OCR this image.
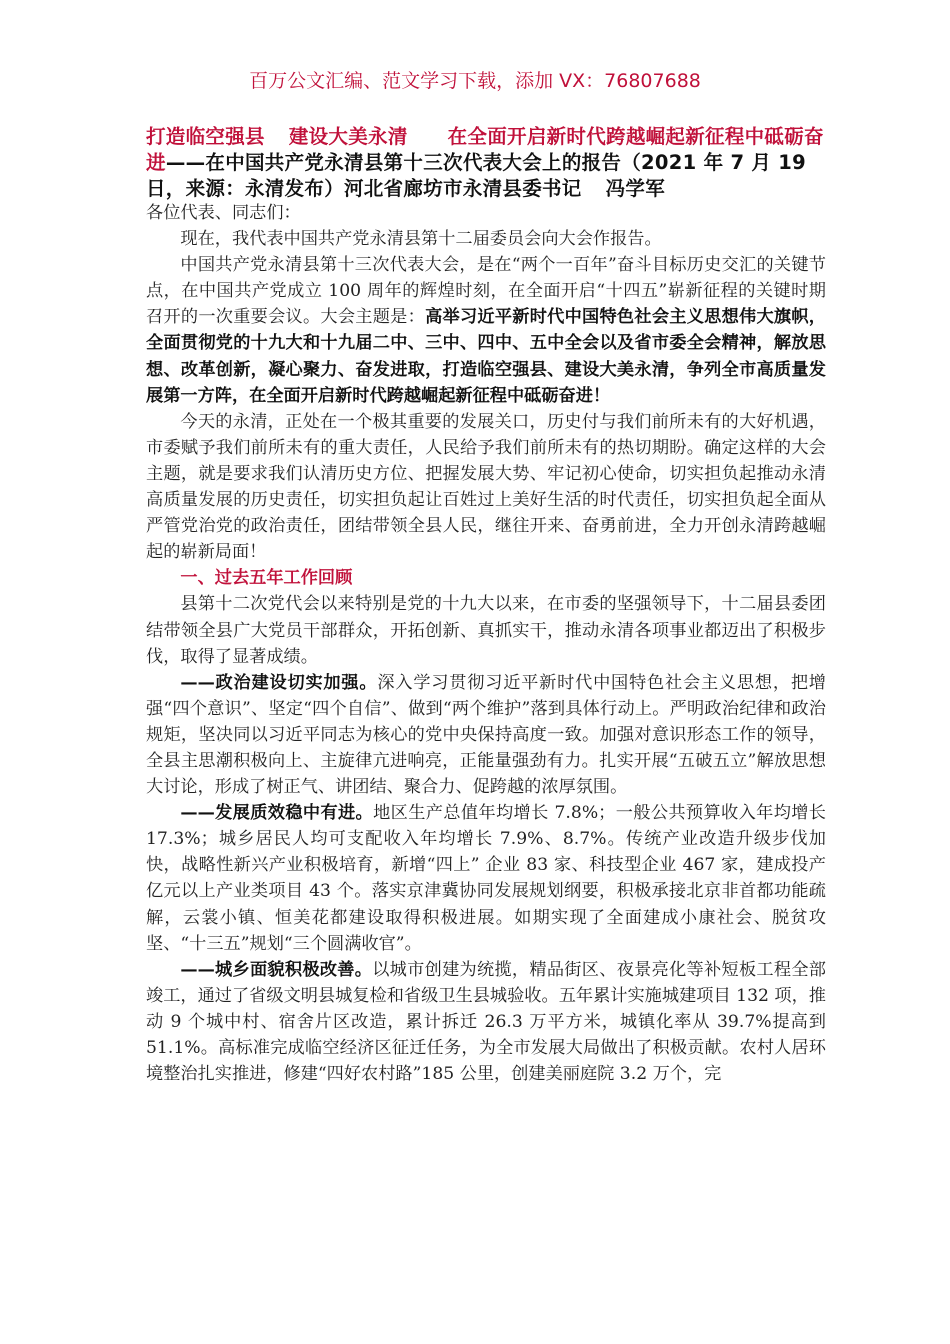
百万公文汇编、范文学习下载，添加 VX：76807688
打造临空强县 建设大美永清 在全面开启新时代跨越崛起新征程中砥砺奋进——在中国共产党永清县第十三次代表大会上的报告（2021 年 7 月 19 日，来源：永清发布）河北省廊坊市永清县委书记 冯学军

各位代表、同志们：

现在，我代表中国共产党永清县第十二届委员会向大会作报告。

中国共产党永清县第十三次代表大会，是在“两个一百年”奋斗目标历史交汇的关键节点，在中国共产党成立 100 周年的辉煌时刻，在全面开启“十四五”崭新征程的关键时期召开的一次重要会议。大会主题是：高举习近平新时代中国特色社会主义思想伟大旗帜，全面贯彻党的十九大和十九届二中、三中、四中、五中全会以及省市委全会精神，解放思想、改革创新，凝心聚力、奋发进取，打造临空强县、建设大美永清，争列全市高质量发展第一方阵，在全面开启新时代跨越崛起新征程中砥砺奋进！

今天的永清，正处在一个极其重要的发展关口，历史付与我们前所未有的大好机遇，市委赋予我们前所未有的重大责任，人民给予我们前所未有的热切期盼。确定这样的大会主题，就是要求我们认清历史方位、把握发展大势、牢记初心使命，切实担负起推动永清高质量发展的历史责任，切实担负起让百姓过上美好生活的时代责任，切实担负起全面从严管党治党的政治责任，团结带领全县人民，继往开来、奋勇前进，全力开创永清跨越崛起的崭新局面！

一、过去五年工作回顾

县第十二次党代会以来特别是党的十九大以来，在市委的坚强领导下，十二届县委团结带领全县广大党员干部群众，开拓创新、真抓实干，推动永清各项事业都迈出了积极步伐，取得了显著成绩。

——政治建设切实加强。深入学习贯彻习近平新时代中国特色社会主义思想，把增强“四个意识”、坚定“四个自信”、做到“两个维护”落到具体行动上。严明政治纪律和政治规矩，坚决同以习近平同志为核心的党中央保持高度一致。加强对意识形态工作的领导，全县主思潮积极向上、主旋律亢进响亮，正能量强劲有力。扎实开展“五破五立”解放思想大讨论，形成了树正气、讲团结、聚合力、促跨越的浓厚氛围。

——发展质效稳中有进。地区生产总值年均增长 7.8%；一般公共预算收入年均增长 17.3%；城乡居民人均可支配收入年均增长 7.9%、8.7%。传统产业改造升级步伐加快，战略性新兴产业积极培育，新增“四上” 企业 83 家、科技型企业 467 家，建成投产亿元以上产业类项目 43 个。落实京津冀协同发展规划纲要，积极承接北京非首都功能疏解，云裳小镇、恒美花都建设取得积极进展。如期实现了全面建成小康社会、脱贫攻坚、“十三五”规划“三个圆满收官”。

——城乡面貌积极改善。以城市创建为统揽，精品街区、夜景亮化等补短板工程全部竣工，通过了省级文明县城复检和省级卫生县城验收。五年累计实施城建项目 132 项，推动 9 个城中村、宿舍片区改造，累计拆迁 26.3 万平方米，城镇化率从 39.7%提高到 51.1%。高标准完成临空经济区征迁任务，为全市发展大局做出了积极贡献。农村人居环境整治扎实推进，修建“四好农村路”185 公里，创建美丽庭院 3.2 万个，完
